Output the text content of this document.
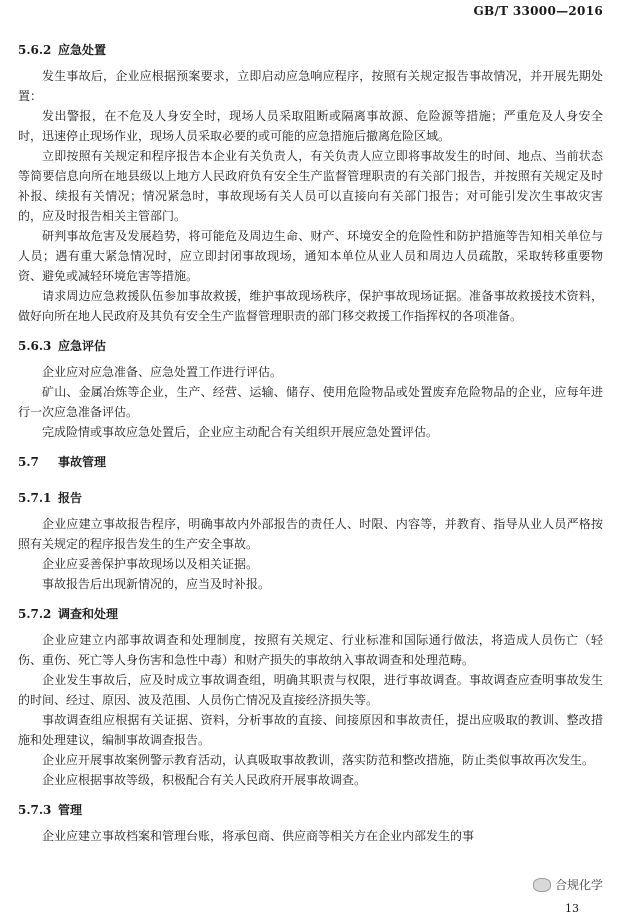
GB/T 33000—2016
5.6.2 应急处置

发生事故后，企业应根据预案要求，立即启动应急响应程序，按照有关规定报告事故情况，并开展先期处置：

发出警报，在不危及人身安全时，现场人员采取阻断或隔离事故源、危险源等措施；严重危及人身安全时，迅速停止现场作业，现场人员采取必要的或可能的应急措施后撤离危险区域。

立即按照有关规定和程序报告本企业有关负责人，有关负责人应立即将事故发生的时间、地点、当前状态等简要信息向所在地县级以上地方人民政府负有安全生产监督管理职责的有关部门报告，并按照有关规定及时补报、续报有关情况；情况紧急时，事故现场有关人员可以直接向有关部门报告；对可能引发次生事故灾害的，应及时报告相关主管部门。

研判事故危害及发展趋势，将可能危及周边生命、财产、环境安全的危险性和防护措施等告知相关单位与人员；遇有重大紧急情况时，应立即封闭事故现场，通知本单位从业人员和周边人员疏散，采取转移重要物资、避免或减轻环境危害等措施。

请求周边应急救援队伍参加事故救援，维护事故现场秩序，保护事故现场证据。准备事故救援技术资料，做好向所在地人民政府及其负有安全生产监督管理职责的部门移交救援工作指挥权的各项准备。

5.6.3 应急评估

企业应对应急准备、应急处置工作进行评估。

矿山、金属冶炼等企业，生产、经营、运输、储存、使用危险物品或处置废弃危险物品的企业，应每年进行一次应急准备评估。

完成险情或事故应急处置后，企业应主动配合有关组织开展应急处置评估。

5.7 事故管理
5.7.1 报告

企业应建立事故报告程序，明确事故内外部报告的责任人、时限、内容等，并教育、指导从业人员严格按照有关规定的程序报告发生的生产安全事故。

企业应妥善保护事故现场以及相关证据。

事故报告后出现新情况的，应当及时补报。

5.7.2 调查和处理

企业应建立内部事故调查和处理制度，按照有关规定、行业标准和国际通行做法，将造成人员伤亡（轻伤、重伤、死亡等人身伤害和急性中毒）和财产损失的事故纳入事故调查和处理范畴。

企业发生事故后，应及时成立事故调查组，明确其职责与权限，进行事故调查。事故调查应查明事故发生的时间、经过、原因、波及范围、人员伤亡情况及直接经济损失等。

事故调查组应根据有关证据、资料，分析事故的直接、间接原因和事故责任，提出应吸取的教训、整改措施和处理建议，编制事故调查报告。

企业应开展事故案例警示教育活动，认真吸取事故教训，落实防范和整改措施，防止类似事故再次发生。

企业应根据事故等级，积极配合有关人民政府开展事故调查。

5.7.3 管理

企业应建立事故档案和管理台账，将承包商、供应商等相关方在企业内部发生的事

合规化学
13
